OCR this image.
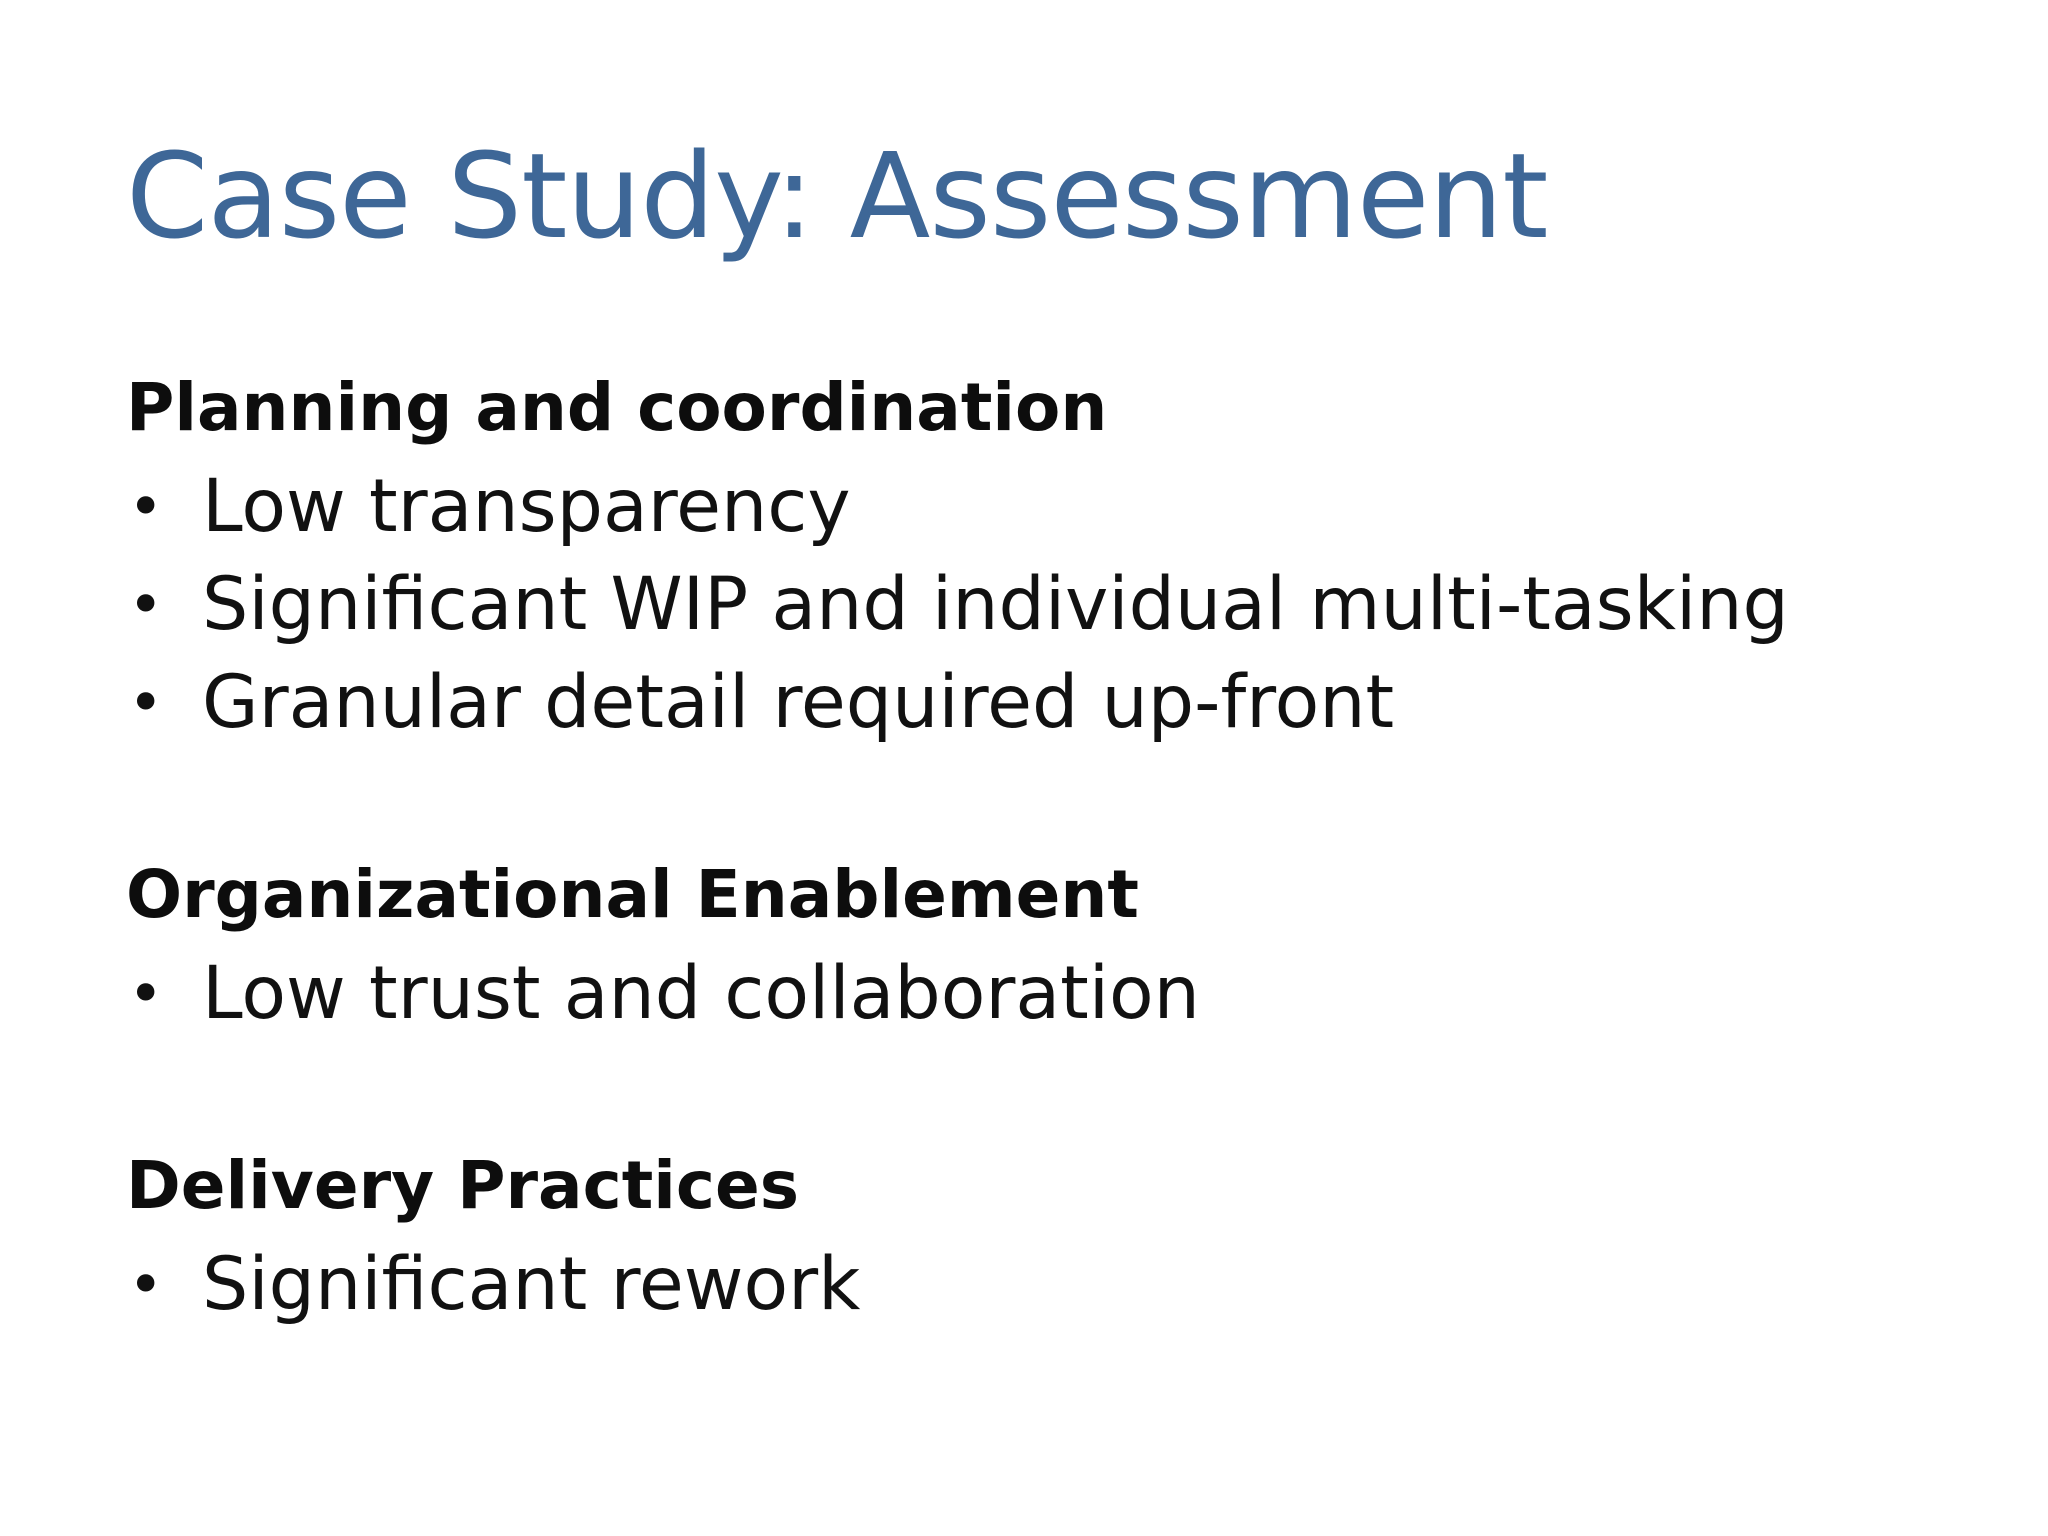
Case Study: Assessment
Planning and coordination
• Low transparency
• Significant WIP and individual multi-tasking
• Granular detail required up-front
Organizational Enablement
• Low trust and collaboration
Delivery Practices
• Significant rework
